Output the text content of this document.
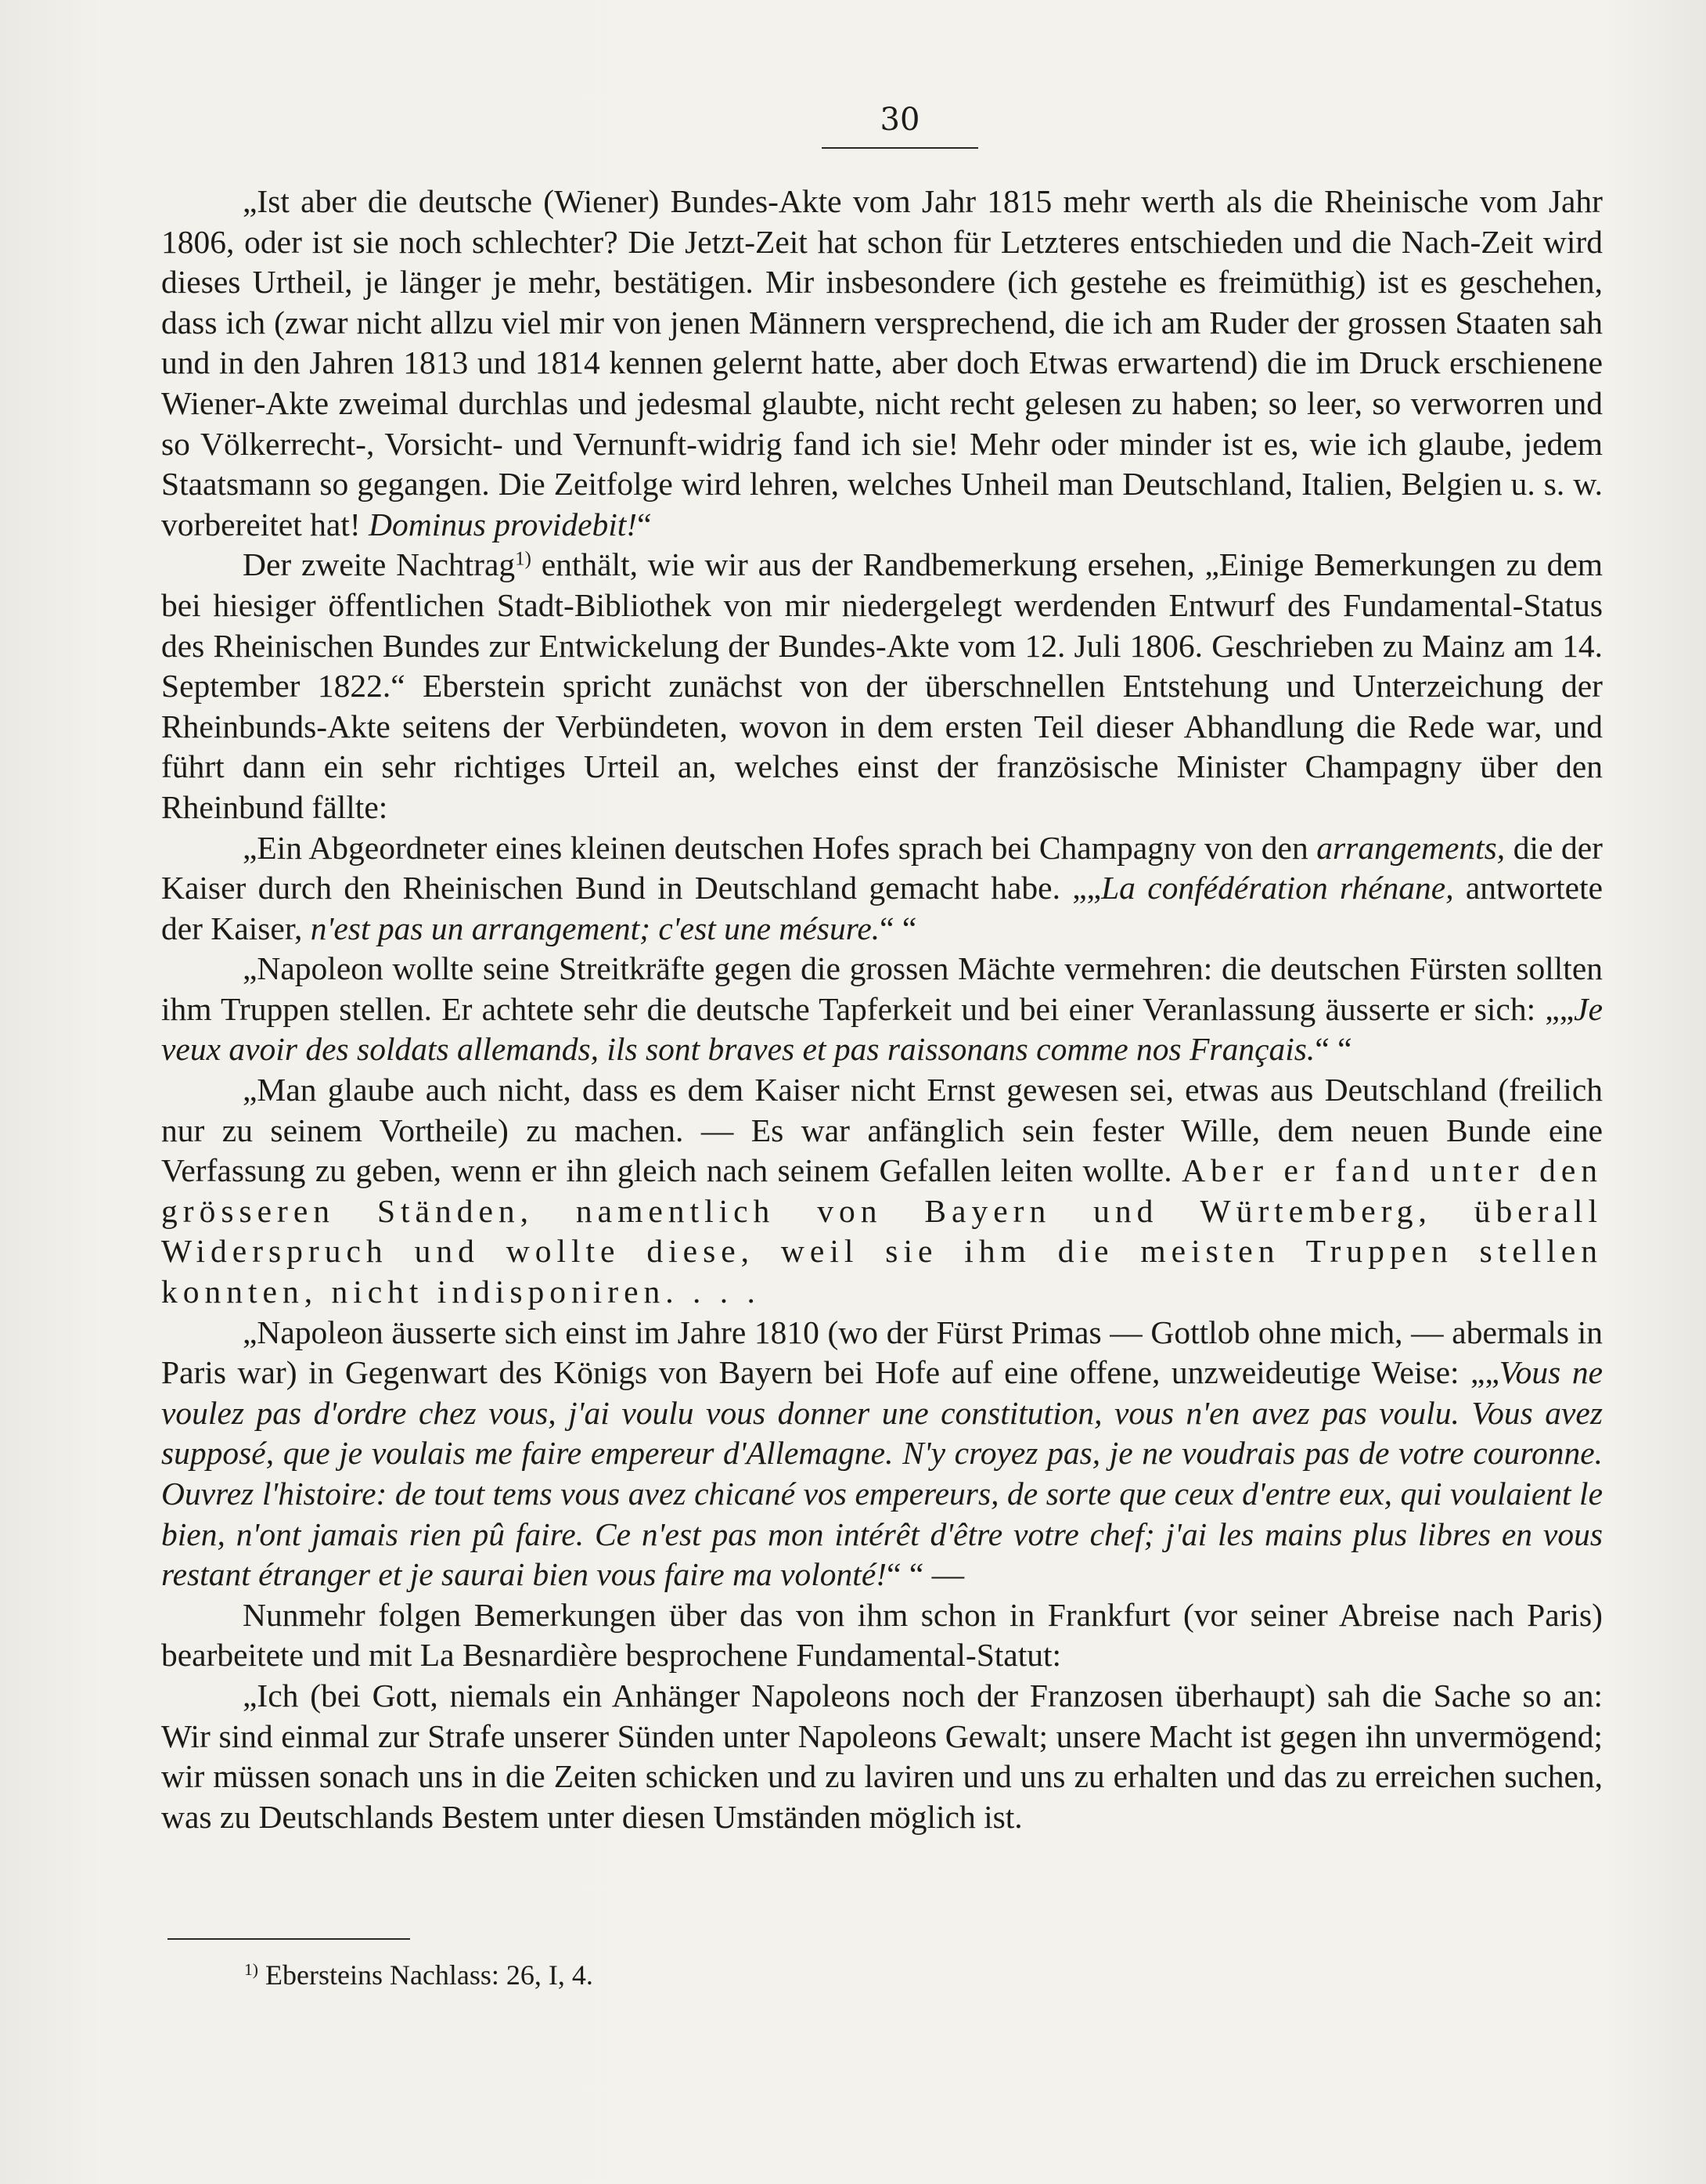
30

„Ist aber die deutsche (Wiener) Bundes-Akte vom Jahr 1815 mehr werth als die Rheinische vom Jahr 1806, oder ist sie noch schlechter? Die Jetzt-Zeit hat schon für Letzteres entschieden und die Nach-Zeit wird dieses Urtheil, je länger je mehr, bestätigen. Mir insbesondere (ich gestehe es freimüthig) ist es geschehen, dass ich (zwar nicht allzu viel mir von jenen Männern versprechend, die ich am Ruder der grossen Staaten sah und in den Jahren 1813 und 1814 kennen gelernt hatte, aber doch Etwas erwartend) die im Druck erschienene Wiener-Akte zweimal durchlas und jedesmal glaubte, nicht recht gelesen zu haben; so leer, so verworren und so Völkerrecht-, Vorsicht- und Vernunft-widrig fand ich sie! Mehr oder minder ist es, wie ich glaube, jedem Staatsmann so gegangen. Die Zeitfolge wird lehren, welches Unheil man Deutschland, Italien, Belgien u. s. w. vorbereitet hat! Dominus providebit!“

Der zweite Nachtrag$^{1)}$ enthält, wie wir aus der Randbemerkung ersehen, „Einige Bemerkungen zu dem bei hiesiger öffentlichen Stadt-Bibliothek von mir niedergelegt werdenden Entwurf des Fundamental-Status des Rheinischen Bundes zur Entwickelung der Bundes-Akte vom 12. Juli 1806. Geschrieben zu Mainz am 14. September 1822.“ Eberstein spricht zunächst von der überschnellen Entstehung und Unterzeichung der Rheinbunds-Akte seitens der Verbündeten, wovon in dem ersten Teil dieser Abhandlung die Rede war, und führt dann ein sehr richtiges Urteil an, welches einst der französische Minister Champagny über den Rheinbund fällte:

„Ein Abgeordneter eines kleinen deutschen Hofes sprach bei Champagny von den arrangements, die der Kaiser durch den Rheinischen Bund in Deutschland gemacht habe. „„La confédération rhénane, antwortete der Kaiser, n'est pas un arrangement; c'est une mésure.“ “

„Napoleon wollte seine Streitkräfte gegen die grossen Mächte vermehren: die deutschen Fürsten sollten ihm Truppen stellen. Er achtete sehr die deutsche Tapferkeit und bei einer Veranlassung äusserte er sich: „„Je veux avoir des soldats allemands, ils sont braves et pas raissonans comme nos Français.“ “

„Man glaube auch nicht, dass es dem Kaiser nicht Ernst gewesen sei, etwas aus Deutschland (freilich nur zu seinem Vortheile) zu machen. — Es war anfänglich sein fester Wille, dem neuen Bunde eine Verfassung zu geben, wenn er ihn gleich nach seinem Gefallen leiten wollte. Aber er fand unter den grösseren Ständen, namentlich von Bayern und Würtemberg, überall Widerspruch und wollte diese, weil sie ihm die meisten Truppen stellen konnten, nicht indisponiren. . . .

„Napoleon äusserte sich einst im Jahre 1810 (wo der Fürst Primas — Gottlob ohne mich, — abermals in Paris war) in Gegenwart des Königs von Bayern bei Hofe auf eine offene, unzweideutige Weise: „„Vous ne voulez pas d'ordre chez vous, j'ai voulu vous donner une constitution, vous n'en avez pas voulu. Vous avez supposé, que je voulais me faire empereur d'Allemagne. N'y croyez pas, je ne voudrais pas de votre couronne. Ouvrez l'histoire: de tout tems vous avez chicané vos empereurs, de sorte que ceux d'entre eux, qui voulaient le bien, n'ont jamais rien pû faire. Ce n'est pas mon intérêt d'être votre chef; j'ai les mains plus libres en vous restant étranger et je saurai bien vous faire ma volonté!“ “ —

Nunmehr folgen Bemerkungen über das von ihm schon in Frankfurt (vor seiner Abreise nach Paris) bearbeitete und mit La Besnardière besprochene Fundamental-Statut:

„Ich (bei Gott, niemals ein Anhänger Napoleons noch der Franzosen überhaupt) sah die Sache so an: Wir sind einmal zur Strafe unserer Sünden unter Napoleons Gewalt; unsere Macht ist gegen ihn unvermögend; wir müssen sonach uns in die Zeiten schicken und zu laviren und uns zu erhalten und das zu erreichen suchen, was zu Deutschlands Bestem unter diesen Umständen möglich ist.

$^{1)}$ Ebersteins Nachlass: 26, I, 4.
